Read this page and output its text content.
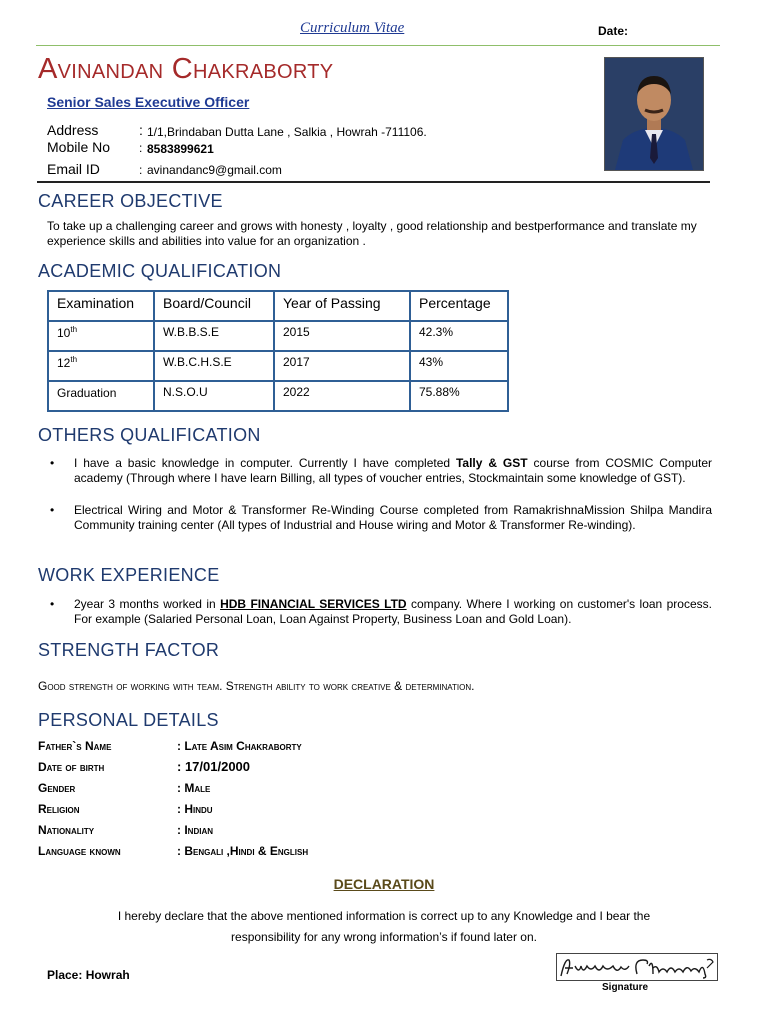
Curriculum Vitae	Date:
Avinandan Chakraborty
Senior Sales Executive Officer
Address	: 1/1,Brindaban Dutta Lane , Salkia , Howrah -711106.
Mobile No : 8583899621
Email ID	: avinandanc9@gmail.com
CAREER OBJECTIVE
To take up a challenging career and grows with honesty , loyalty , good relationship and bestperformance and translate my experience skills and abilities into value for an organization .
ACADEMIC QUALIFICATION
Examination	Board/Council	Year of Passing	Percentage
10th	W.B.B.S.E	2015	42.3%
12th	W.B.C.H.S.E	2017	43%
Graduation	N.S.O.U	2022	75.88%
OTHERS QUALIFICATION
• I have a basic knowledge in computer. Currently I have completed Tally & GST course from COSMIC Computer academy (Through where I have learn Billing, all types of voucher entries, Stockmaintain some knowledge of GST).
• Electrical Wiring and Motor & Transformer Re-Winding Course completed from RamakrishnaMission Shilpa Mandira Community training center (All types of Industrial and House wiring and Motor & Transformer Re-winding).
WORK EXPERIENCE
• 2year 3 months worked in HDB FINANCIAL SERVICES LTD company. Where I working on customer's loan process. For example (Salaried Personal Loan, Loan Against Property, Business Loan and Gold Loan).
STRENGTH FACTOR
Good strength of working with team. Strength ability to work creative & determination.
PERSONAL DETAILS
Father`s Name	: Late Asim Chakraborty
Date of birth	: 17/01/2000
Gender	: Male
Religion	: Hindu
Nationality	: Indian
Language known	: Bengali ,Hindi & English
DECLARATION
I hereby declare that the above mentioned information is correct up to any Knowledge and I bear the
responsibility for any wrong information’s if found later on.
Place: Howrah
Signature
